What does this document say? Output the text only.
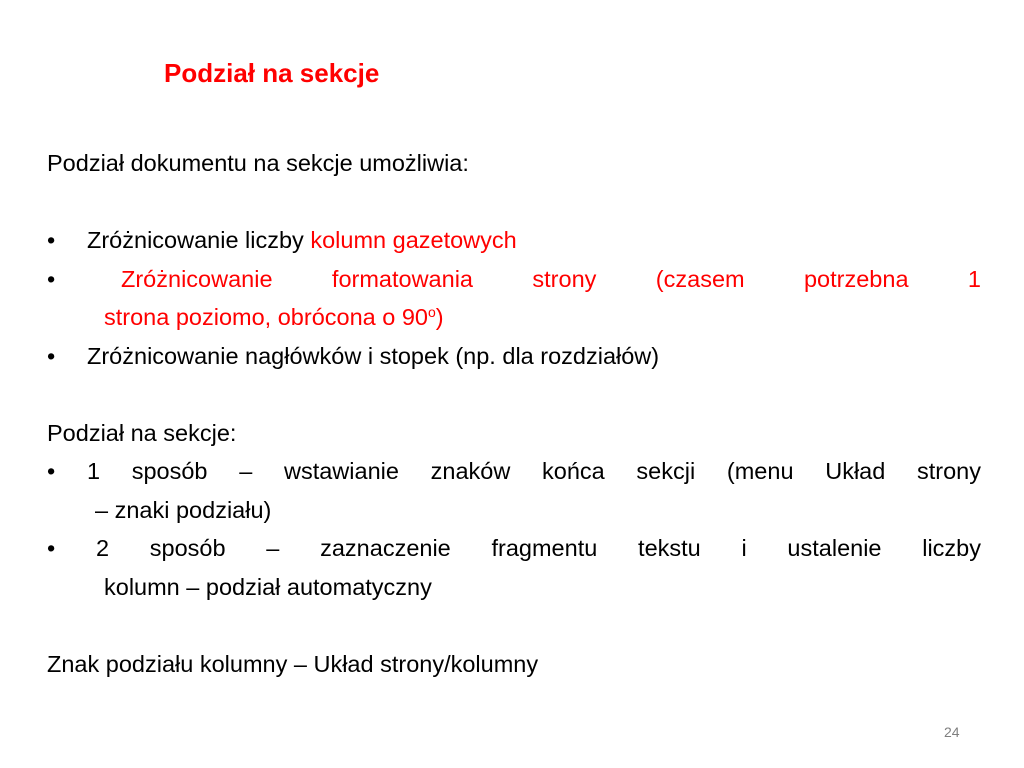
Podział na sekcje

Podział dokumentu na sekcje umożliwia:

•	Zróżnicowanie liczby kolumn gazetowych
•	Zróżnicowanie formatowania strony (czasem potrzebna 1
strona poziomo, obrócona o 90$^o$)
•	Zróżnicowanie nagłówków i stopek (np. dla rozdziałów)

Podział na sekcje:

• 1 sposób – wstawianie znaków końca sekcji (menu Układ strony
– znaki podziału)
• 2 sposób – zaznaczenie fragmentu tekstu i ustalenie liczby
kolumn – podział automatyczny

Znak podziału kolumny – Układ strony/kolumny

24
